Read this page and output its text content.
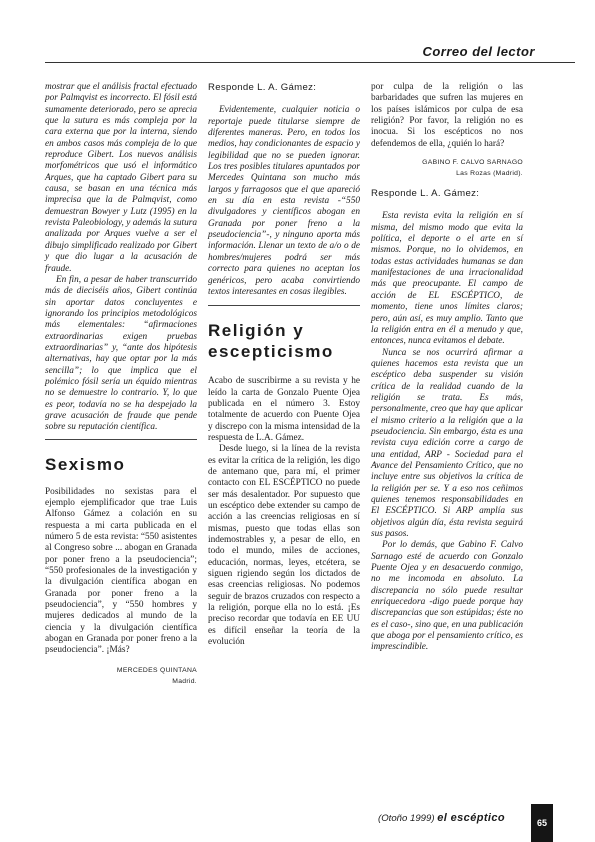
Correo del lector

mostrar que el análisis fractal efectuado por Palmqvist es incorrecto. El fósil está sumamente deteriorado, pero se aprecia que la sutura es más compleja por la cara externa que por la interna, siendo en ambos casos más compleja de lo que reproduce Gibert. Los nuevos análisis morfométricos que usó el informático Arques, que ha captado Gibert para su causa, se basan en una técnica más imprecisa que la de Palmqvist, como demuestran Bowyer y Lutz (1995) en la revista Paleobiology, y además la sutura analizada por Arques vuelve a ser el dibujo simplificado realizado por Gibert y que dio lugar a la acusación de fraude.

En fin, a pesar de haber transcurrido más de dieciséis años, Gibert continúa sin aportar datos concluyentes e ignorando los principios metodológicos más elementales: “afirmaciones extraordinarias exigen pruebas extraordinarias” y, “ante dos hipótesis alternativas, hay que optar por la más sencilla”; lo que implica que el polémico fósil sería un équido mientras no se demuestre lo contrario. Y, lo que es peor, todavía no se ha despejado la grave acusación de fraude que pende sobre su reputación científica.

Sexismo

Posibilidades no sexistas para el ejemplo ejemplificador que trae Luis Alfonso Gámez a colación en su respuesta a mi carta publicada en el número 5 de esta revista: “550 asistentes al Congreso sobre ... abogan en Granada por poner freno a la pseudociencia”; “550 profesionales de la investigación y la divulgación científica abogan en Granada por poner freno a la pseudociencia”, y “550 hombres y mujeres dedicados al mundo de la ciencia y la divulgación científica abogan en Granada por poner freno a la pseudociencia”. ¡Más?

MERCEDES QUINTANA

Madrid.

Responde L. A. Gámez:

Evidentemente, cualquier noticia o reportaje puede titularse siempre de diferentes maneras. Pero, en todos los medios, hay condicionantes de espacio y legibilidad que no se pueden ignorar. Los tres posibles titulares apuntados por Mercedes Quintana son mucho más largos y farragosos que el que apareció en su día en esta revista -“550 divulgadores y científicos abogan en Granada por poner freno a la pseudociencia”-, y ninguno aporta más información. Llenar un texto de a/o o de hombres/mujeres podrá ser más correcto para quienes no aceptan los genéricos, pero acaba convirtiendo textos interesantes en cosas ilegibles.

Religión y escepticismo

Acabo de suscribirme a su revista y he leído la carta de Gonzalo Puente Ojea publicada en el número 3. Estoy totalmente de acuerdo con Puente Ojea y discrepo con la misma intensidad de la respuesta de L.A. Gámez.

Desde luego, si la línea de la revista es evitar la crítica de la religión, les digo de antemano que, para mí, el primer contacto con EL ESCÉPTICO no puede ser más desalentador. Por supuesto que un escéptico debe extender su campo de acción a las creencias religiosas en sí mismas, puesto que todas ellas son indemostrables y, a pesar de ello, en todo el mundo, miles de acciones, educación, normas, leyes, etcétera, se siguen rigiendo según los dictados de esas creencias religiosas. No podemos seguir de brazos cruzados con respecto a la religión, porque ella no lo está. ¡Es preciso recordar que todavía en EE UU es difícil enseñar la teoría de la evolución

por culpa de la religión o las barbaridades que sufren las mujeres en los países islámicos por culpa de esa religión? Por favor, la religión no es inocua. Si los escépticos no nos defendemos de ella, ¿quién lo hará?

GABINO F. CALVO SARNAGO

Las Rozas (Madrid).

Responde L. A. Gámez:

Esta revista evita la religión en sí misma, del mismo modo que evita la política, el deporte o el arte en sí mismos. Porque, no lo olvidemos, en todas estas actividades humanas se dan manifestaciones de una irracionalidad más que preocupante. El campo de acción de EL ESCÉPTICO, de momento, tiene unos límites claros; pero, aún así, es muy amplio. Tanto que la religión entra en él a menudo y que, entonces, nunca evitamos el debate.

Nunca se nos ocurrirá afirmar a quienes hacemos esta revista que un escéptico deba suspender su visión crítica de la realidad cuando de la religión se trata. Es más, personalmente, creo que hay que aplicar el mismo criterio a la religión que a la pseudociencia. Sin embargo, ésta es una revista cuya edición corre a cargo de una entidad, ARP - Sociedad para el Avance del Pensamiento Crítico, que no incluye entre sus objetivos la crítica de la religión per se. Y a eso nos ceñimos quienes tenemos responsabilidades en El ESCÉPTICO. Si ARP amplía sus objetivos algún día, ésta revista seguirá sus pasos.

Por lo demás, que Gabino F. Calvo Sarnago esté de acuerdo con Gonzalo Puente Ojea y en desacuerdo conmigo, no me incomoda en absoluto. La discrepancia no sólo puede resultar enriquecedora -digo puede porque hay discrepancias que son estúpidas; éste no es el caso-, sino que, en una publicación que aboga por el pensamiento crítico, es imprescindible.

(Otoño 1999) el escéptico	65
